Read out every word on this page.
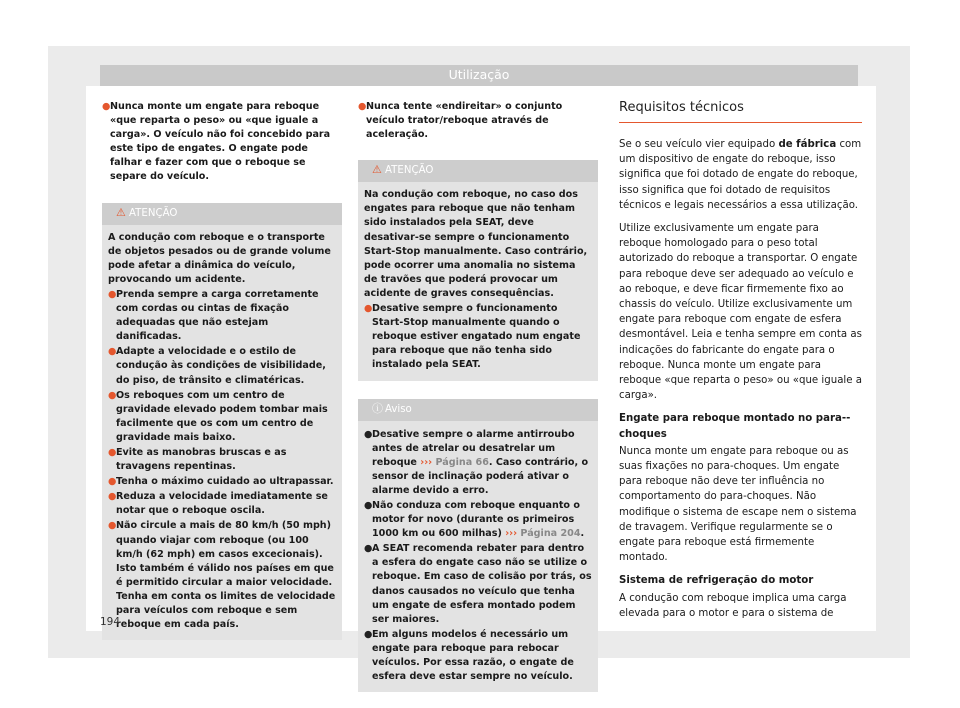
Utilização
● Nunca monte um engate para reboque «que reparta o peso» ou «que iguale a carga». O veículo não foi concebido para este tipo de engates. O engate pode falhar e fazer com que o reboque se separe do veículo.
⚠ ATENÇÃO

A condução com reboque e o transporte de objetos pesados ou de grande volume pode afetar a dinâmica do veículo, provocando um acidente.

● Prenda sempre a carga corretamente com cordas ou cintas de fixação adequadas que não estejam danificadas.
● Adapte a velocidade e o estilo de condução às condições de visibilidade, do piso, de trânsito e climatéricas.
● Os reboques com um centro de gravidade elevado podem tombar mais facilmente que os com um centro de gravidade mais baixo.
● Evite as manobras bruscas e as travagens repentinas.
● Tenha o máximo cuidado ao ultrapassar.
● Reduza a velocidade imediatamente se notar que o reboque oscila.
● Não circule a mais de 80 km/h (50 mph) quando viajar com reboque (ou 100 km/h (62 mph) em casos excecionais). Isto também é válido nos países em que é permitido circular a maior velocidade. Tenha em conta os limites de velocidade para veículos com reboque e sem reboque em cada país.
● Nunca tente «endireitar» o conjunto veículo trator/reboque através de aceleração.
⚠ ATENÇÃO

Na condução com reboque, no caso dos engates para reboque que não tenham sido instalados pela SEAT, deve desativar-se sempre o funcionamento Start-Stop manualmente. Caso contrário, pode ocorrer uma anomalia no sistema de travões que poderá provocar um acidente de graves consequências.

● Desative sempre o funcionamento Start-Stop manualmente quando o reboque estiver engatado num engate para reboque que não tenha sido instalado pela SEAT.
ⓘ Aviso
● Desative sempre o alarme antirroubo antes de atrelar ou desatrelar um reboque ››› Página 66. Caso contrário, o sensor de inclinação poderá ativar o alarme devido a erro.
● Não conduza com reboque enquanto o motor for novo (durante os primeiros 1000 km ou 600 milhas) ››› Página 204.
● A SEAT recomenda rebater para dentro a esfera do engate caso não se utilize o reboque. Em caso de colisão por trás, os danos causados no veículo que tenha um engate de esfera montado podem ser maiores.
● Em alguns modelos é necessário um engate para reboque para rebocar veículos. Por essa razão, o engate de esfera deve estar sempre no veículo.
Requisitos técnicos

Se o seu veículo vier equipado de fábrica com um dispositivo de engate do reboque, isso significa que foi dotado de engate do reboque, isso significa que foi dotado de requisitos técnicos e legais necessários a essa utilização.

Utilize exclusivamente um engate para reboque homologado para o peso total autorizado do reboque a transportar. O engate para reboque deve ser adequado ao veículo e ao reboque, e deve ficar firmemente fixo ao chassis do veículo. Utilize exclusivamente um engate para reboque com engate de esfera desmontável. Leia e tenha sempre em conta as indicações do fabricante do engate para o reboque. Nunca monte um engate para reboque «que reparta o peso» ou «que iguale a carga».

Engate para reboque montado no para--choques

Nunca monte um engate para reboque ou as suas fixações no para-choques. Um engate para reboque não deve ter influência no comportamento do para-choques. Não modifique o sistema de escape nem o sistema de travagem. Verifique regularmente se o engate para reboque está firmemente montado.

Sistema de refrigeração do motor

A condução com reboque implica uma carga elevada para o motor e para o sistema de

194
